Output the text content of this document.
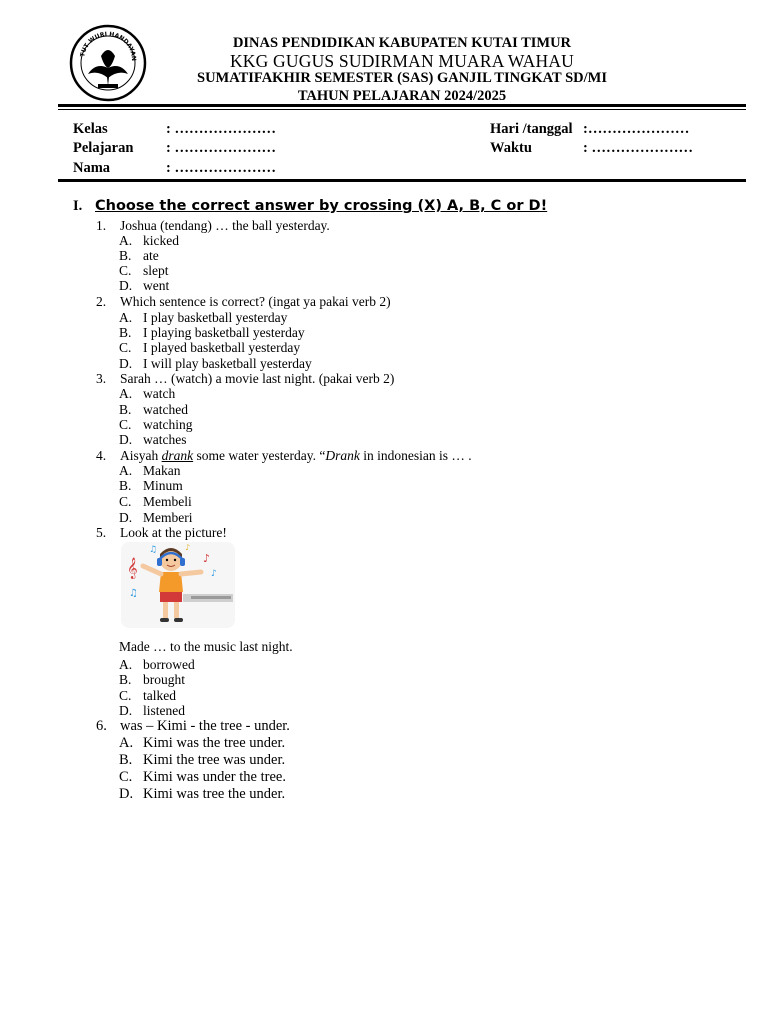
TUT WURI HANDAYAN
DINAS PENDIDIKAN KABUPATEN KUTAI TIMUR
KKG GUGUS SUDIRMAN MUARA WAHAU
SUMATIFAKHIR SEMESTER (SAS) GANJIL TINGKAT SD/MI
TAHUN PELAJARAN 2024/2025
Kelas	: …………………
Pelajaran : …………………
Nama	: …………………
Hari /tanggal :…………………
Waktu	: …………………
I. Choose the correct answer by crossing (X) A, B, C or D!
1. Joshua (tendang) … the ball yesterday.
A. kicked
B. ate
C. slept
D. went
2. Which sentence is correct? (ingat ya pakai verb 2)
A. I play basketball yesterday
B. I playing basketball yesterday
C. I played basketball yesterday
D. I will play basketball yesterday
3. Sarah … (watch) a movie last night. (pakai verb 2)
A. watch
B. watched
C. watching
D. watches
4. Aisyah drank some water yesterday. “Drank in indonesian is … .
A. Makan
B. Minum
C. Membeli
D. Memberi
5. Look at the picture!
𝄞
♫
♪
♪
♫
♪
Made … to the music last night.
A. borrowed
B. brought
C. talked
D. listened
6. was – Kimi - the tree - under.
A. Kimi was the tree under.
B. Kimi the tree was under.
C. Kimi was under the tree.
D. Kimi was tree the under.
